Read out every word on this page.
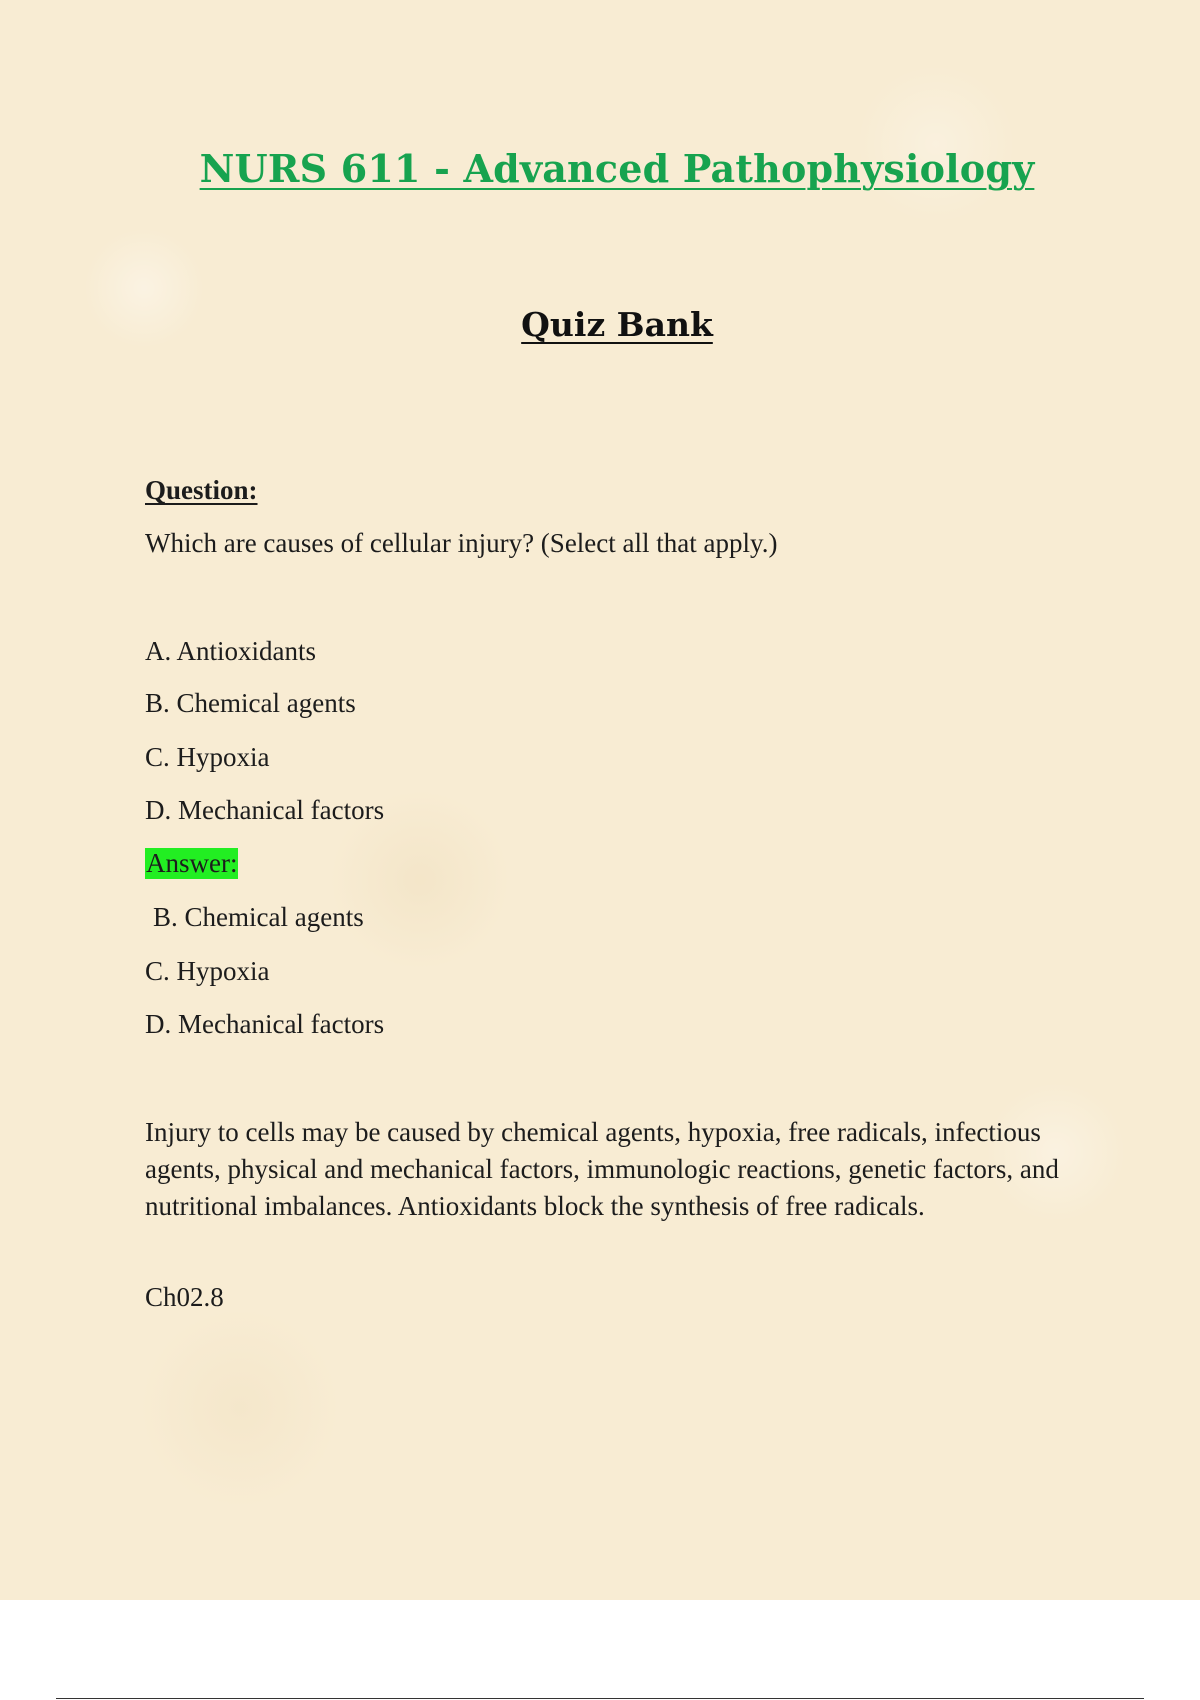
NURS 611 - Advanced Pathophysiology
Quiz Bank

Question:

Which are causes of cellular injury? (Select all that apply.)

A. Antioxidants

B. Chemical agents

C. Hypoxia

D. Mechanical factors

Answer:

B. Chemical agents

C. Hypoxia

D. Mechanical factors

Injury to cells may be caused by chemical agents, hypoxia, free radicals, infectious agents, physical and mechanical factors, immunologic reactions, genetic factors, and nutritional imbalances. Antioxidants block the synthesis of free radicals.

Ch02.8
